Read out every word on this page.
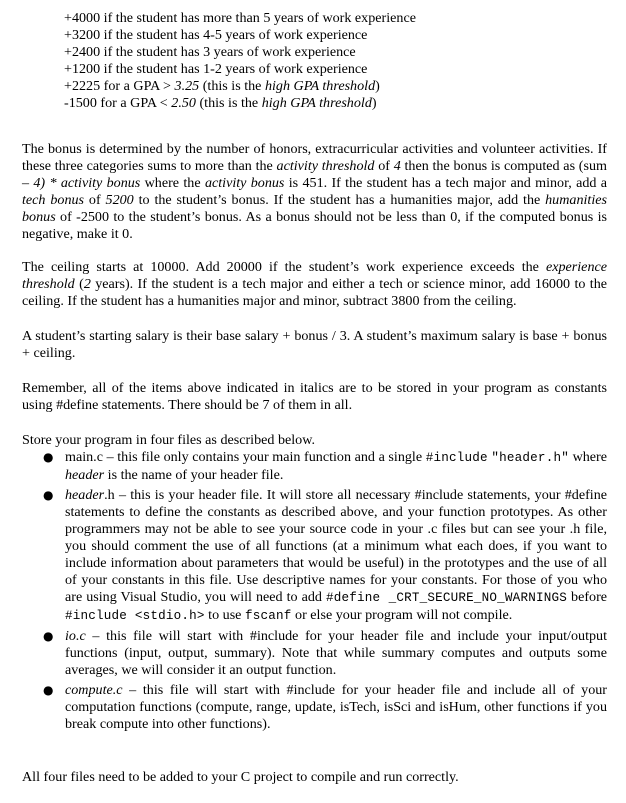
+4000 if the student has more than 5 years of work experience
+3200 if the student has 4-5 years of work experience
+2400 if the student has 3 years of work experience
+1200 if the student has 1-2 years of work experience
+2225 for a GPA > 3.25 (this is the high GPA threshold)
-1500 for a GPA < 2.50 (this is the high GPA threshold)

The bonus is determined by the number of honors, extracurricular activities and volunteer activities. If these three categories sums to more than the activity threshold of 4 then the bonus is computed as (sum – 4) * activity bonus where the activity bonus is 451. If the student has a tech major and minor, add a tech bonus of 5200 to the student’s bonus. If the student has a humanities major, add the humanities bonus of -2500 to the student’s bonus. As a bonus should not be less than 0, if the computed bonus is negative, make it 0.

The ceiling starts at 10000. Add 20000 if the student’s work experience exceeds the experience threshold (2 years). If the student is a tech major and either a tech or science minor, add 16000 to the ceiling. If the student has a humanities major and minor, subtract 3800 from the ceiling.

A student’s starting salary is their base salary + bonus / 3. A student’s maximum salary is base + bonus + ceiling.

Remember, all of the items above indicated in italics are to be stored in your program as constants using #define statements. There should be 7 of them in all.

Store your program in four files as described below.

● main.c – this file only contains your main function and a single #include "header.h" where header is the name of your header file.
● header.h – this is your header file. It will store all necessary #include statements, your #define statements to define the constants as described above, and your function prototypes. As other programmers may not be able to see your source code in your .c files but can see your .h file, you should comment the use of all functions (at a minimum what each does, if you want to include information about parameters that would be useful) in the prototypes and the use of all of your constants in this file. Use descriptive names for your constants. For those of you who are using Visual Studio, you will need to add #define _CRT_SECURE_NO_WARNINGS before #include <stdio.h> to use fscanf or else your program will not compile.
● io.c – this file will start with #include for your header file and include your input/output functions (input, output, summary). Note that while summary computes and outputs some averages, we will consider it an output function.
● compute.c – this file will start with #include for your header file and include all of your computation functions (compute, range, update, isTech, isSci and isHum, other functions if you break compute into other functions).

All four files need to be added to your C project to compile and run correctly.
